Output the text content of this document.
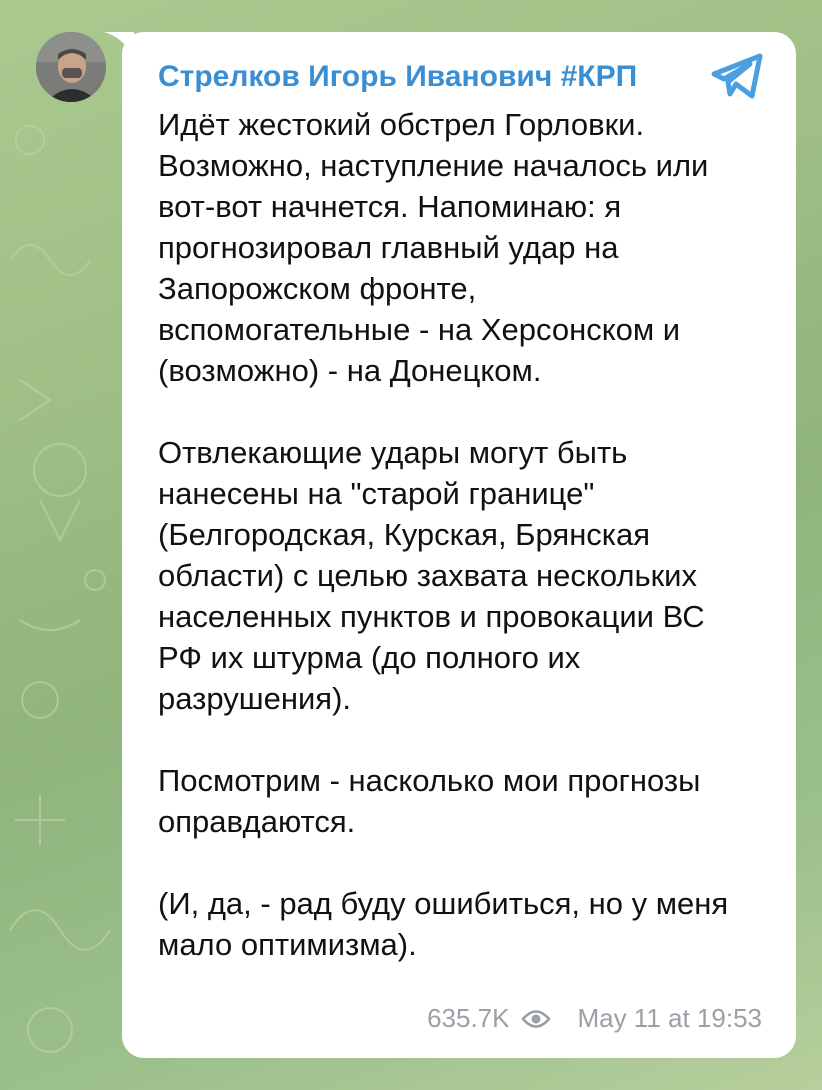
Стрелков Игорь Иванович #КРП

Идёт жестокий обстрел Горловки.
Возможно, наступление началось или
вот-вот начнется. Напоминаю: я
прогнозировал главный удар на
Запорожском фронте,
вспомогательные - на Херсонском и
(возможно) - на Донецком.

Отвлекающие удары могут быть
нанесены на "старой границе"
(Белгородская, Курская, Брянская
области) с целью захвата нескольких
населенных пунктов и провокации ВС
РФ их штурма (до полного их
разрушения).

Посмотрим - насколько мои прогнозы
оправдаются.

(И, да, - рад буду ошибиться, но у меня
мало оптимизма).

635.7K	May 11 at 19:53
